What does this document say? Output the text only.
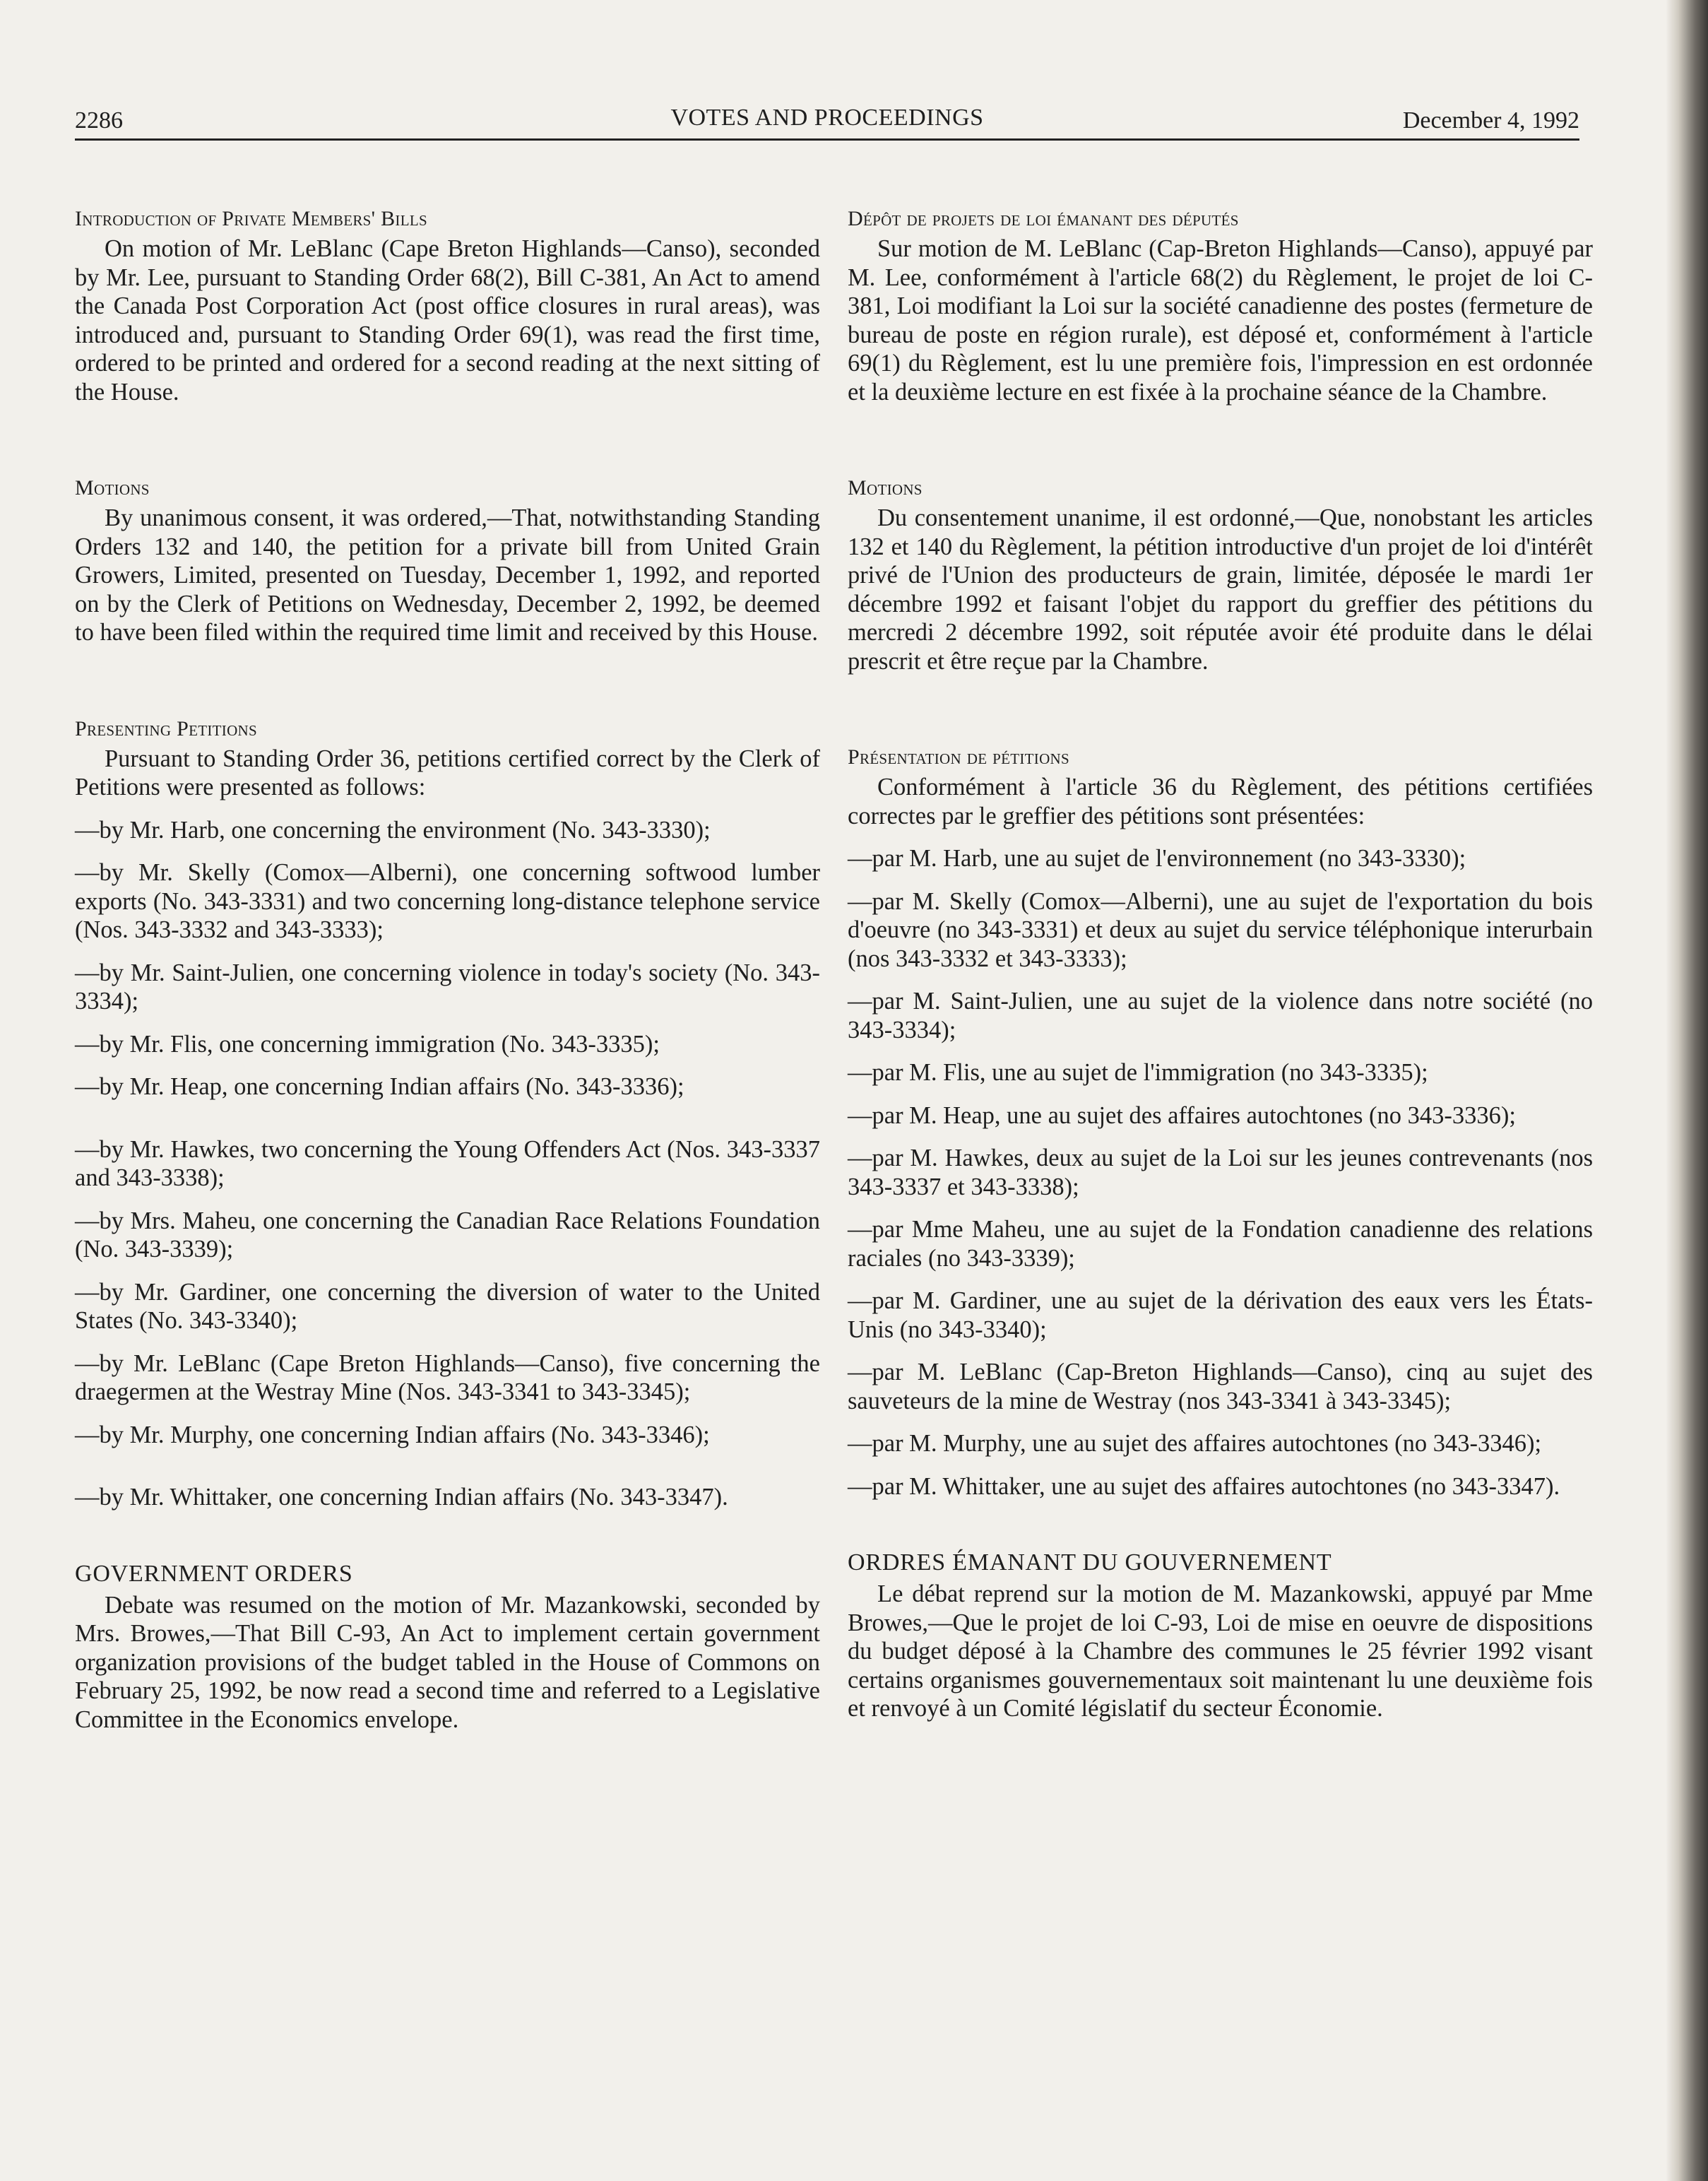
2286	VOTES AND PROCEEDINGS	December 4, 1992
Introduction of Private Members' Bills

On motion of Mr. LeBlanc (Cape Breton Highlands—Canso), seconded by Mr. Lee, pursuant to Standing Order 68(2), Bill C-381, An Act to amend the Canada Post Corporation Act (post office closures in rural areas), was introduced and, pursuant to Standing Order 69(1), was read the first time, ordered to be printed and ordered for a second reading at the next sitting of the House.

Motions

By unanimous consent, it was ordered,—That, notwithstanding Standing Orders 132 and 140, the petition for a private bill from United Grain Growers, Limited, presented on Tuesday, December 1, 1992, and reported on by the Clerk of Petitions on Wednesday, December 2, 1992, be deemed to have been filed within the required time limit and received by this House.

Presenting Petitions

Pursuant to Standing Order 36, petitions certified correct by the Clerk of Petitions were presented as follows:

—by Mr. Harb, one concerning the environment (No. 343-3330);

—by Mr. Skelly (Comox—Alberni), one concerning softwood lumber exports (No. 343-3331) and two concerning long-distance telephone service (Nos. 343-3332 and 343-3333);

—by Mr. Saint-Julien, one concerning violence in today's society (No. 343-3334);

—by Mr. Flis, one concerning immigration (No. 343-3335);

—by Mr. Heap, one concerning Indian affairs (No. 343-3336);

—by Mr. Hawkes, two concerning the Young Offenders Act (Nos. 343-3337 and 343-3338);

—by Mrs. Maheu, one concerning the Canadian Race Relations Foundation (No. 343-3339);

—by Mr. Gardiner, one concerning the diversion of water to the United States (No. 343-3340);

—by Mr. LeBlanc (Cape Breton Highlands—Canso), five concerning the draegermen at the Westray Mine (Nos. 343-3341 to 343-3345);

—by Mr. Murphy, one concerning Indian affairs (No. 343-3346);

—by Mr. Whittaker, one concerning Indian affairs (No. 343-3347).

GOVERNMENT ORDERS

Debate was resumed on the motion of Mr. Mazankowski, seconded by Mrs. Browes,—That Bill C-93, An Act to implement certain government organization provisions of the budget tabled in the House of Commons on February 25, 1992, be now read a second time and referred to a Legislative Committee in the Economics envelope.

Dépôt de projets de loi émanant des députés

Sur motion de M. LeBlanc (Cap-Breton Highlands—Canso), appuyé par M. Lee, conformément à l'article 68(2) du Règlement, le projet de loi C-381, Loi modifiant la Loi sur la société canadienne des postes (fermeture de bureau de poste en région rurale), est déposé et, conformément à l'article 69(1) du Règlement, est lu une première fois, l'impression en est ordonnée et la deuxième lecture en est fixée à la prochaine séance de la Chambre.

Motions

Du consentement unanime, il est ordonné,—Que, nonobstant les articles 132 et 140 du Règlement, la pétition introductive d'un projet de loi d'intérêt privé de l'Union des producteurs de grain, limitée, déposée le mardi 1er décembre 1992 et faisant l'objet du rapport du greffier des pétitions du mercredi 2 décembre 1992, soit réputée avoir été produite dans le délai prescrit et être reçue par la Chambre.

Présentation de pétitions

Conformément à l'article 36 du Règlement, des pétitions certifiées correctes par le greffier des pétitions sont présentées:

—par M. Harb, une au sujet de l'environnement (no 343-3330);

—par M. Skelly (Comox—Alberni), une au sujet de l'exportation du bois d'oeuvre (no 343-3331) et deux au sujet du service téléphonique interurbain (nos 343-3332 et 343-3333);

—par M. Saint-Julien, une au sujet de la violence dans notre société (no 343-3334);

—par M. Flis, une au sujet de l'immigration (no 343-3335);

—par M. Heap, une au sujet des affaires autochtones (no 343-3336);

—par M. Hawkes, deux au sujet de la Loi sur les jeunes contrevenants (nos 343-3337 et 343-3338);

—par Mme Maheu, une au sujet de la Fondation canadienne des relations raciales (no 343-3339);

—par M. Gardiner, une au sujet de la dérivation des eaux vers les États-Unis (no 343-3340);

—par M. LeBlanc (Cap-Breton Highlands—Canso), cinq au sujet des sauveteurs de la mine de Westray (nos 343-3341 à 343-3345);

—par M. Murphy, une au sujet des affaires autochtones (no 343-3346);

—par M. Whittaker, une au sujet des affaires autochtones (no 343-3347).

ORDRES ÉMANANT DU GOUVERNEMENT

Le débat reprend sur la motion de M. Mazankowski, appuyé par Mme Browes,—Que le projet de loi C-93, Loi de mise en oeuvre de dispositions du budget déposé à la Chambre des communes le 25 février 1992 visant certains organismes gouvernementaux soit maintenant lu une deuxième fois et renvoyé à un Comité législatif du secteur Économie.
